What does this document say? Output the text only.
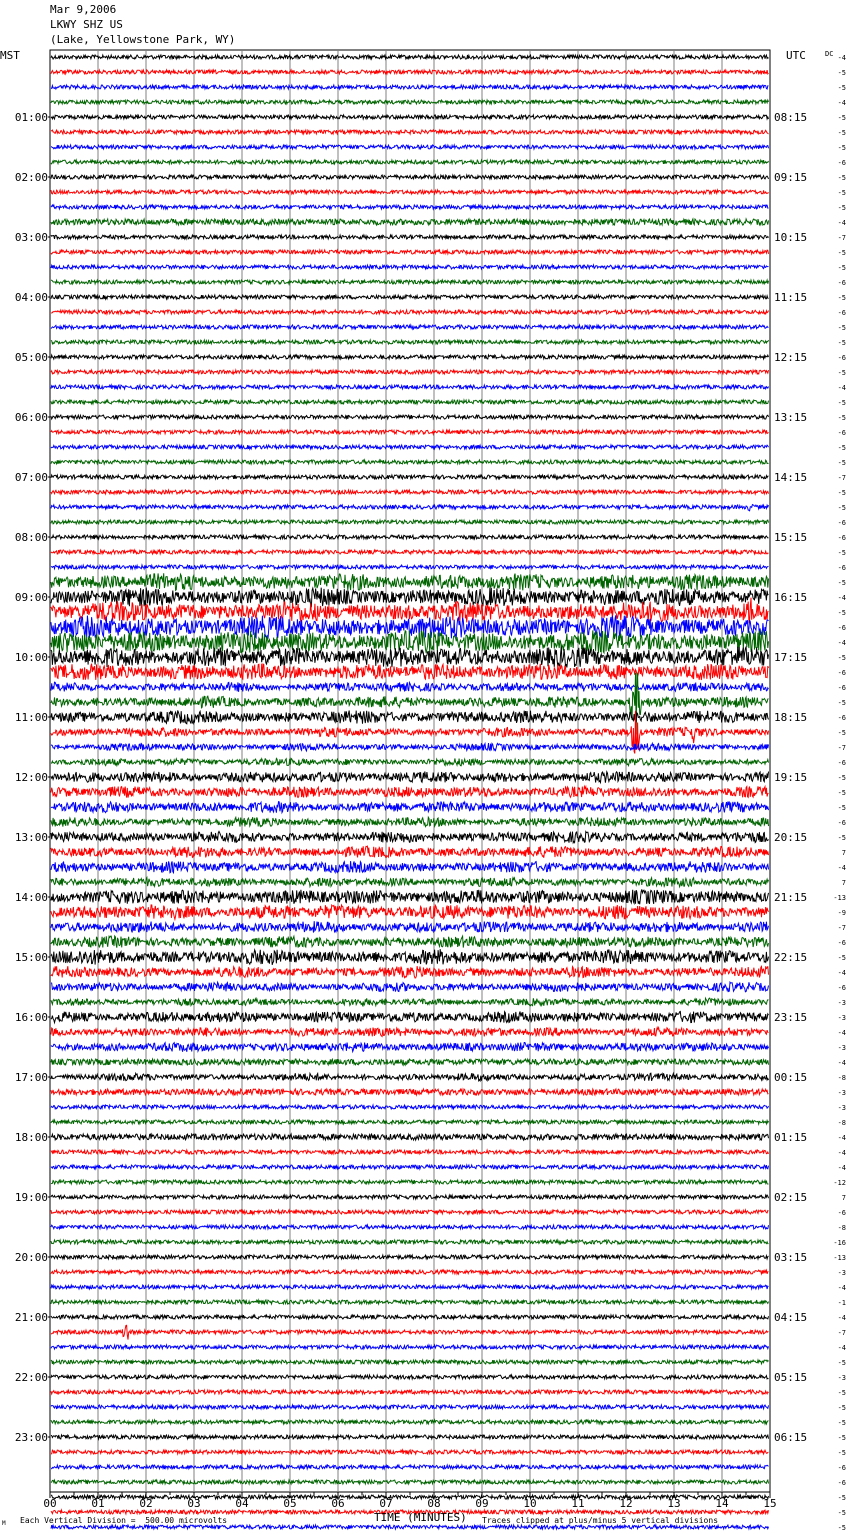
Mar 9,2006
LKWY SHZ US
(Lake, Yellowstone Park, WY)
MST	UTC	DC
00	01	02	03	04	05	06	07	08	09	10	11	12	13	14	15
-4
-5
-5
-4
-5
-5
-5
-6
-5
-5
-5
-4
-7
-5
-5
-6
-5
-6
-5
-5
-6
-5
-4
-5
-5
-6
-5
-5
-7
-5
-5
-6
-6
-5
-6
-5
-4
-5
-6
-4
-5
-6
-6
-5
-6
-5
-7
-6
-5
-5
-5
-6
-5
7
-4
7
-13
-9
-7
-6
-5
-4
-6
-3
-3
-4
-3
-4
-8
-3
-3
-8
-4
-4
-4
-12
7
-6
-8
-16
-13
-3
-4
-1
-4
-7
-4
-5
-3
-5
-5
-5
-5
-5
-6
-6
-5
-5
-5
01:00
02:00
03:00
04:00
05:00
06:00
07:00
08:00
09:00
10:00
11:00
12:00
13:00
14:00
15:00
16:00
17:00
18:00
19:00
20:00
21:00
22:00
23:00
08:15
09:15
10:15
11:15
12:15
13:15
14:15
15:15
16:15
17:15
18:15
19:15
20:15
21:15
22:15
23:15
00:15
01:15
02:15
03:15
04:15
05:15
06:15
M Each Vertical Division =  500.00 microvolts	TIME (MINUTES) Traces clipped at plus/minus 5 vertical divisions
